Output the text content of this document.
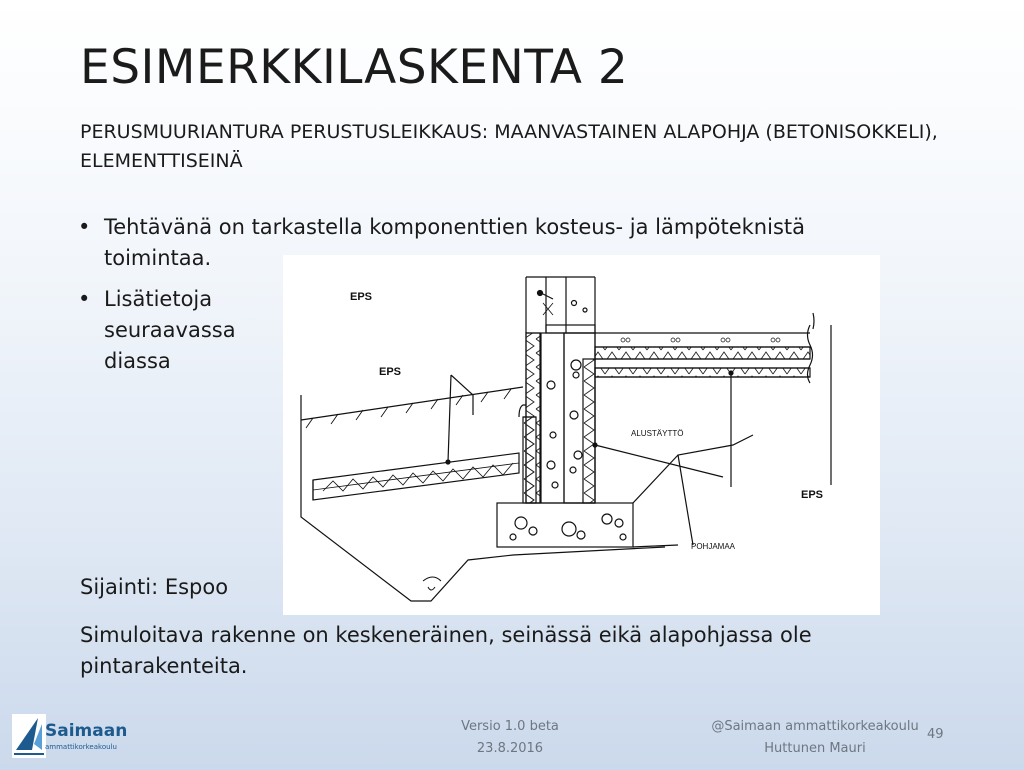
ESIMERKKILASKENTA 2
PERUSMUURIANTURA PERUSTUSLEIKKAUS: MAANVASTAINEN ALAPOHJA (BETONISOKKELI), ELEMENTTISEINÄ
• Tehtävänä on tarkastella komponenttien kosteus- ja lämpöteknistä toimintaa.
• Lisätietoja seuraavassa diassa
EPS
EPS
EPS
ALUSTÄYTTÖ
POHJAMAA
Sijainti: Espoo
Simuloitava rakenne on keskeneräinen, seinässä eikä alapohjassa ole pintarakenteita.
Saimaan
ammattikorkeakoulu
Versio 1.0 beta
23.8.2016
@Saimaan ammattikorkeakoulu
Huttunen Mauri
49
